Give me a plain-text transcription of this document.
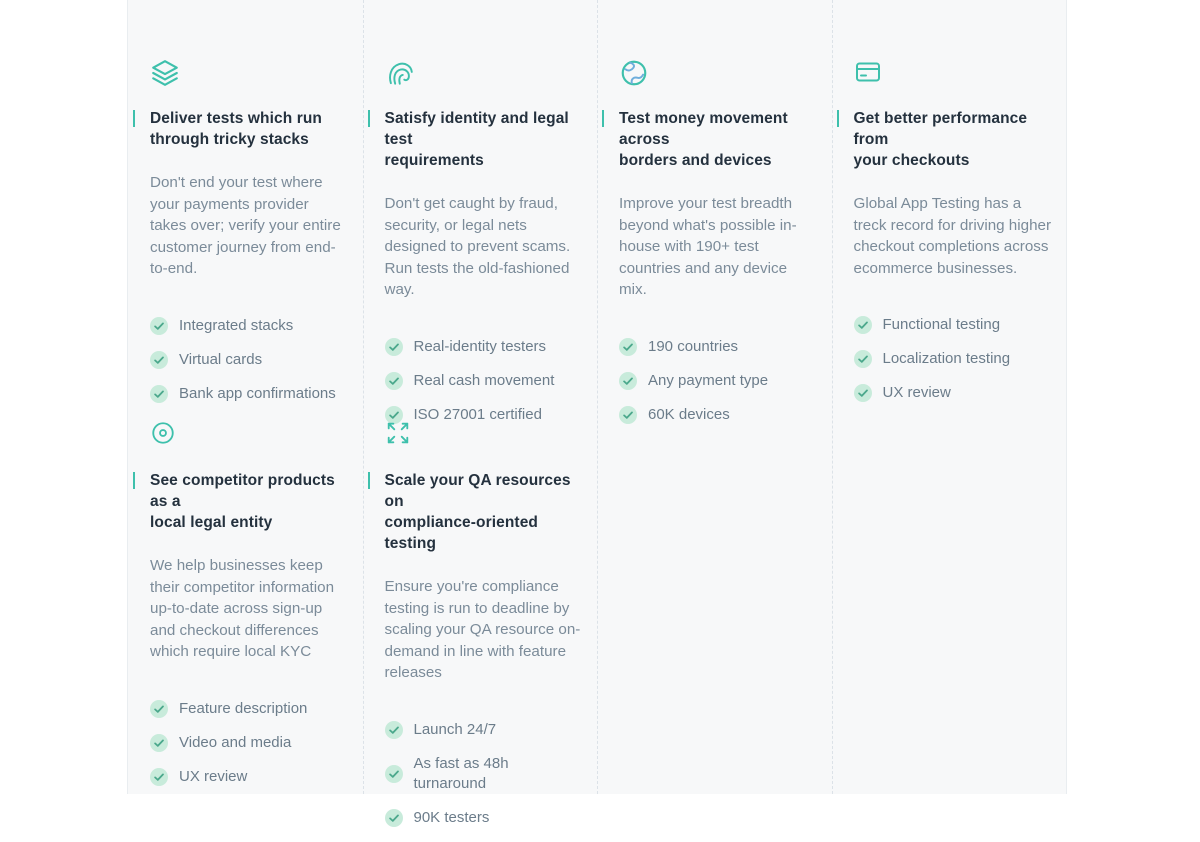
Deliver tests which run
through tricky stacks

Don't end your test where your payments provider takes over; verify your entire customer journey from end-to-end.

Integrated stacks
Virtual cards
Bank app confirmations
Satisfy identity and legal test
requirements

Don't get caught by fraud, security, or legal nets designed to prevent scams. Run tests the old-fashioned way.

Real-identity testers
Real cash movement
ISO 27001 certified
Test money movement across
borders and devices

Improve your test breadth beyond what's possible in-house with 190+ test countries and any device mix.

190 countries
Any payment type
60K devices
Get better performance from
your checkouts

Global App Testing has a treck record for driving higher checkout completions across ecommerce businesses.

Functional testing
Localization testing
UX review
See competitor products as a
local legal entity

We help businesses keep their competitor information up-to-date across sign-up and checkout differences which require local KYC

Feature description
Video and media
UX review
Scale your QA resources on
compliance-oriented testing

Ensure you're compliance testing is run to deadline by scaling your QA resource on-demand in line with feature releases

Launch 24/7
As fast as 48h turnaround
90K testers
